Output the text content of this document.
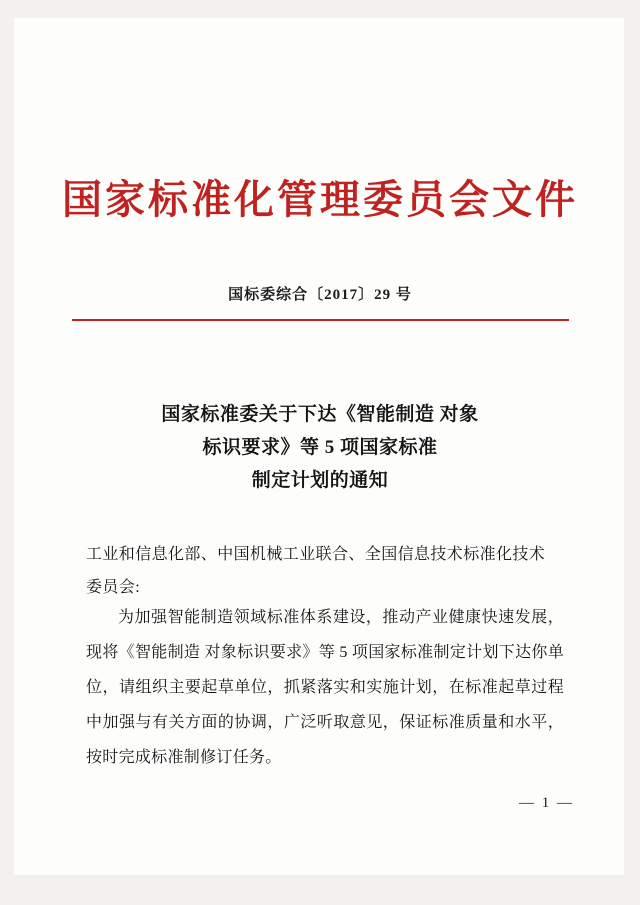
国家标准化管理委员会文件
国标委综合〔2017〕29 号
国家标准委关于下达《智能制造 对象
标识要求》等 5 项国家标准
制定计划的通知
工业和信息化部、中国机械工业联合、全国信息技术标准化技术委员会:
为加强智能制造领域标准体系建设，推动产业健康快速发展，现将《智能制造 对象标识要求》等 5 项国家标准制定计划下达你单位，请组织主要起草单位，抓紧落实和实施计划，在标准起草过程中加强与有关方面的协调，广泛听取意见，保证标准质量和水平，按时完成标准制修订任务。
— 1 —
